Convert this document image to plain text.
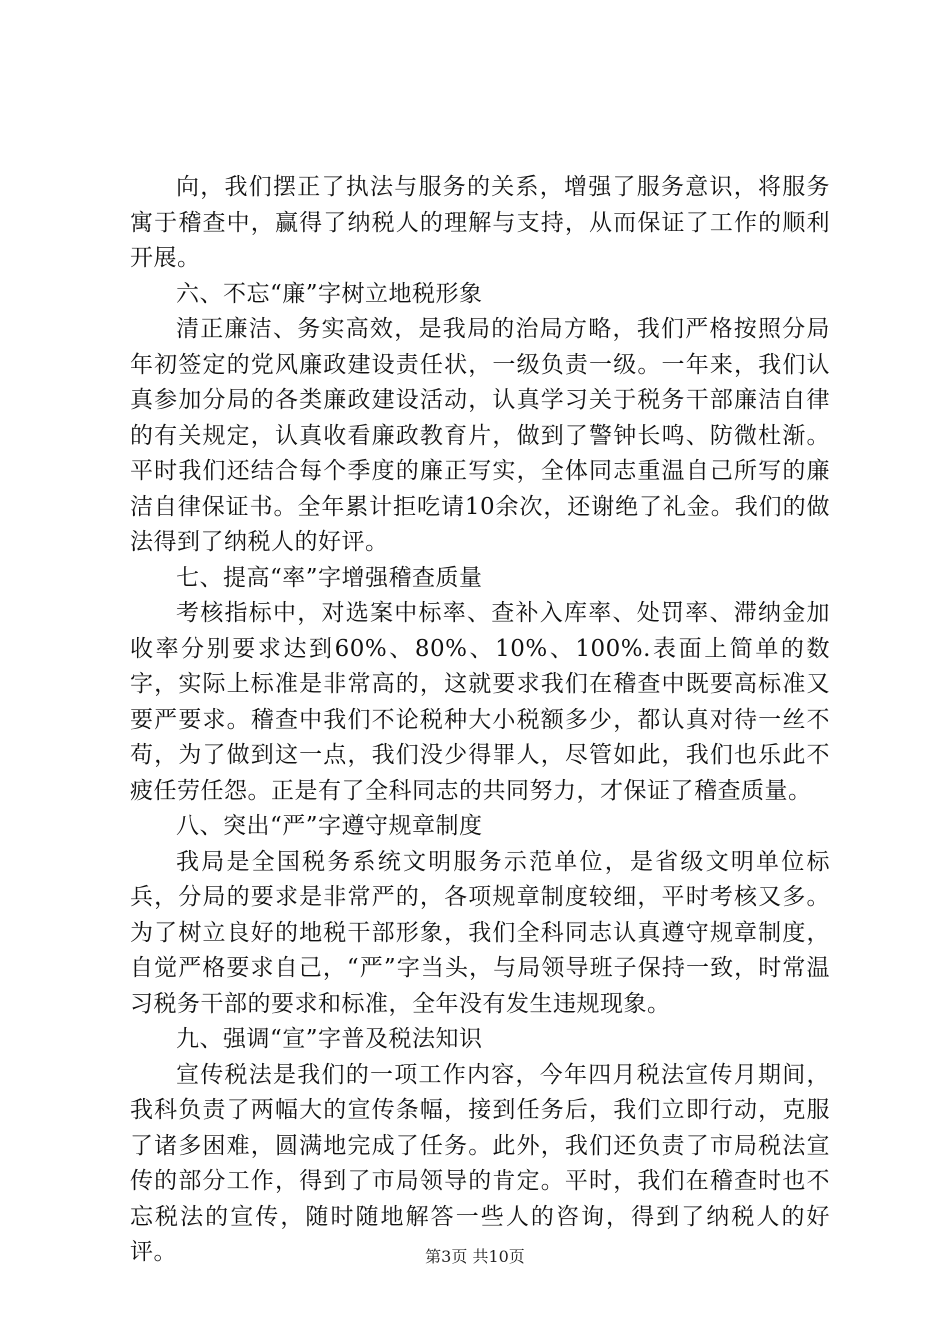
向，我们摆正了执法与服务的关系，增强了服务意识，将服务寓于稽查中，赢得了纳税人的理解与支持，从而保证了工作的顺利开展。

六、不忘“廉”字树立地税形象

清正廉洁、务实高效，是我局的治局方略，我们严格按照分局年初签定的党风廉政建设责任状，一级负责一级。一年来，我们认真参加分局的各类廉政建设活动，认真学习关于税务干部廉洁自律的有关规定，认真收看廉政教育片，做到了警钟长鸣、防微杜渐。平时我们还结合每个季度的廉正写实，全体同志重温自己所写的廉洁自律保证书。全年累计拒吃请10余次，还谢绝了礼金。我们的做法得到了纳税人的好评。

七、提高“率”字增强稽查质量

考核指标中，对选案中标率、查补入库率、处罚率、滞纳金加收率分别要求达到60%、80%、10%、100%.表面上简单的数字，实际上标准是非常高的，这就要求我们在稽查中既要高标准又要严要求。稽查中我们不论税种大小税额多少，都认真对待一丝不苟，为了做到这一点，我们没少得罪人，尽管如此，我们也乐此不疲任劳任怨。正是有了全科同志的共同努力，才保证了稽查质量。

八、突出“严”字遵守规章制度

我局是全国税务系统文明服务示范单位，是省级文明单位标兵，分局的要求是非常严的，各项规章制度较细，平时考核又多。为了树立良好的地税干部形象，我们全科同志认真遵守规章制度，自觉严格要求自己，“严”字当头，与局领导班子保持一致，时常温习税务干部的要求和标准，全年没有发生违规现象。

九、强调“宣”字普及税法知识

宣传税法是我们的一项工作内容，今年四月税法宣传月期间，我科负责了两幅大的宣传条幅，接到任务后，我们立即行动，克服了诸多困难，圆满地完成了任务。此外，我们还负责了市局税法宣传的部分工作，得到了市局领导的肯定。平时，我们在稽查时也不忘税法的宣传，随时随地解答一些人的咨询，得到了纳税人的好评。	第3页 共10页
